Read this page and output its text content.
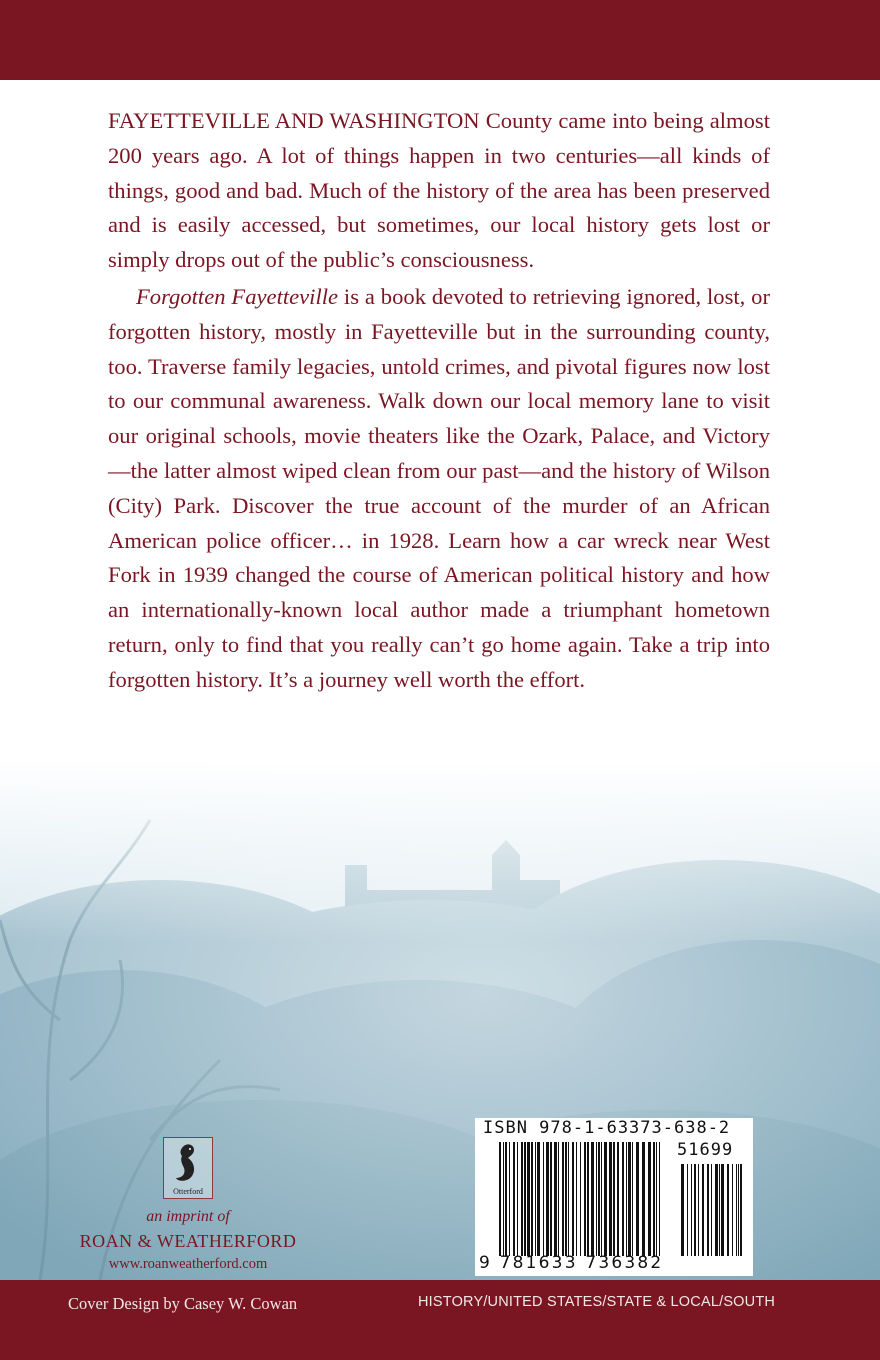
FAYETTEVILLE AND WASHINGTON County came into being almost 200 years ago. A lot of things happen in two centuries—all kinds of things, good and bad. Much of the history of the area has been preserved and is easily accessed, but sometimes, our local history gets lost or simply drops out of the public’s consciousness.

Forgotten Fayetteville is a book devoted to retrieving ignored, lost, or forgotten history, mostly in Fayetteville but in the surrounding county, too. Traverse family legacies, untold crimes, and pivotal figures now lost to our communal awareness. Walk down our local memory lane to visit our original schools, movie theaters like the Ozark, Palace, and Victory—the latter almost wiped clean from our past—and the history of Wilson (City) Park. Discover the true account of the murder of an African American police officer… in 1928. Learn how a car wreck near West Fork in 1939 changed the course of American political history and how an internationally-known local author made a triumphant hometown return, only to find that you really can’t go home again. Take a trip into forgotten history. It’s a journey well worth the effort.

Otterford
an imprint of
ROAN & WEATHERFORD
www.roanweatherford.com
ISBN 978-1-63373-638-2
51699
9 781633 736382
Cover Design by Casey W. Cowan	HISTORY/UNITED STATES/STATE & LOCAL/SOUTH
